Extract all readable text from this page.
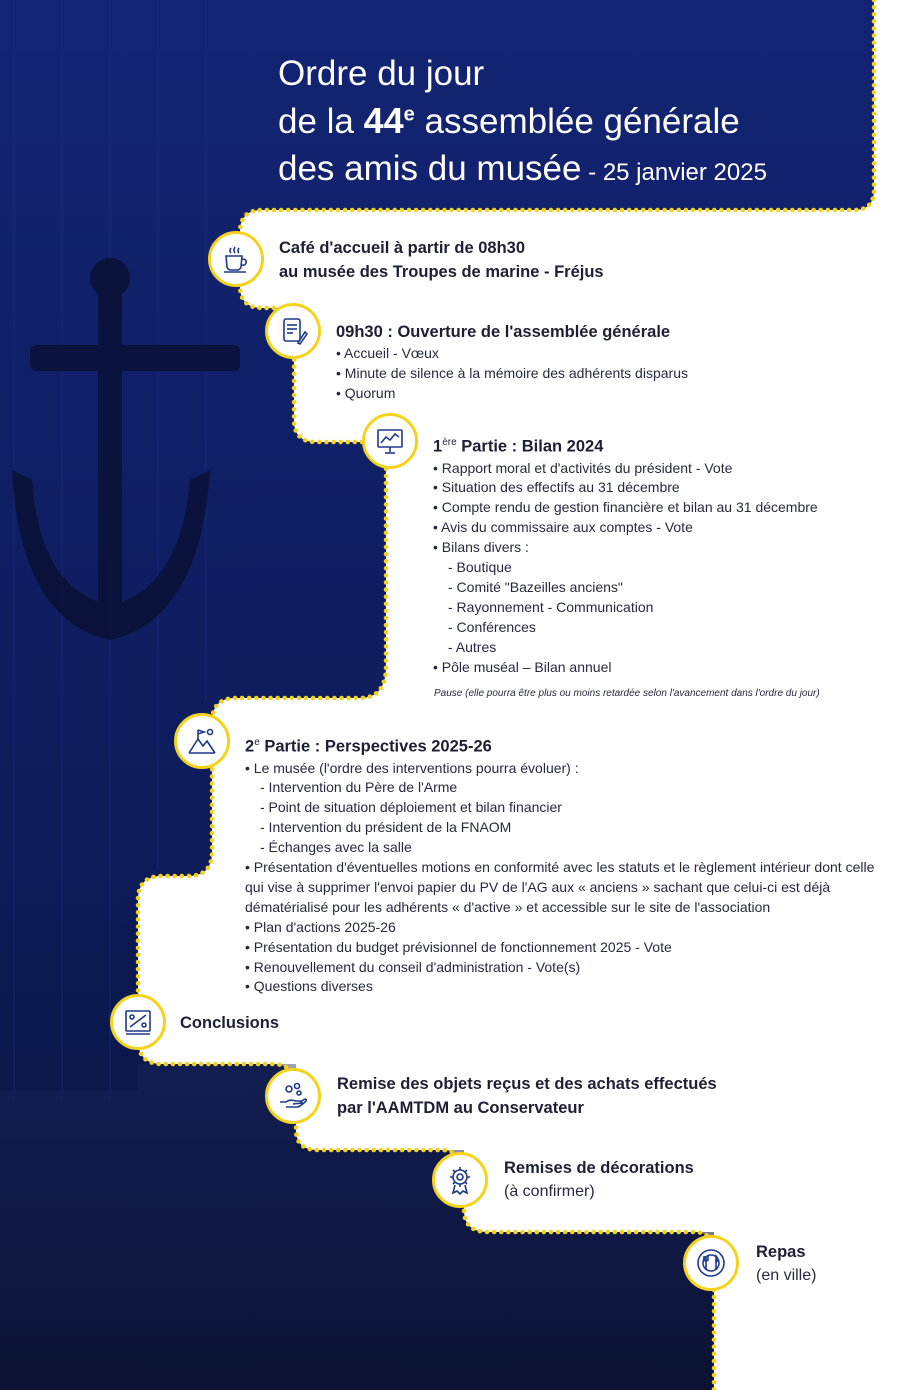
Ordre du jour
de la 44e assemblée générale
des amis du musée - 25 janvier 2025
Café d'accueil à partir de 08h30
au musée des Troupes de marine - Fréjus
09h30 : Ouverture de l'assemblée générale
• Accueil - Vœux
• Minute de silence à la mémoire des adhérents disparus
• Quorum
1ère Partie : Bilan 2024
• Rapport moral et d'activités du président - Vote
• Situation des effectifs au 31 décembre
• Compte rendu de gestion financière et bilan au 31 décembre
• Avis du commissaire aux comptes - Vote
• Bilans divers :
- Boutique
- Comité "Bazeilles anciens"
- Rayonnement - Communication
- Conférences
- Autres
• Pôle muséal – Bilan annuel
Pause (elle pourra être plus ou moins retardée selon l'avancement dans l'ordre du jour)
2e Partie : Perspectives 2025-26
• Le musée (l'ordre des interventions pourra évoluer) :
- Intervention du Père de l'Arme
- Point de situation déploiement et bilan financier
- Intervention du président de la FNAOM
- Échanges avec la salle
• Présentation d'éventuelles motions en conformité avec les statuts et le règlement intérieur dont celle qui vise à supprimer l'envoi papier du PV de l'AG aux « anciens » sachant que celui-ci est déjà dématérialisé pour les adhérents « d'active » et accessible sur le site de l'association
• Plan d'actions 2025-26
• Présentation du budget prévisionnel de fonctionnement 2025 - Vote
• Renouvellement du conseil d'administration - Vote(s)
• Questions diverses
Conclusions
Remise des objets reçus et des achats effectués
par l'AAMTDM au Conservateur
Remises de décorations
(à confirmer)
Repas
(en ville)
